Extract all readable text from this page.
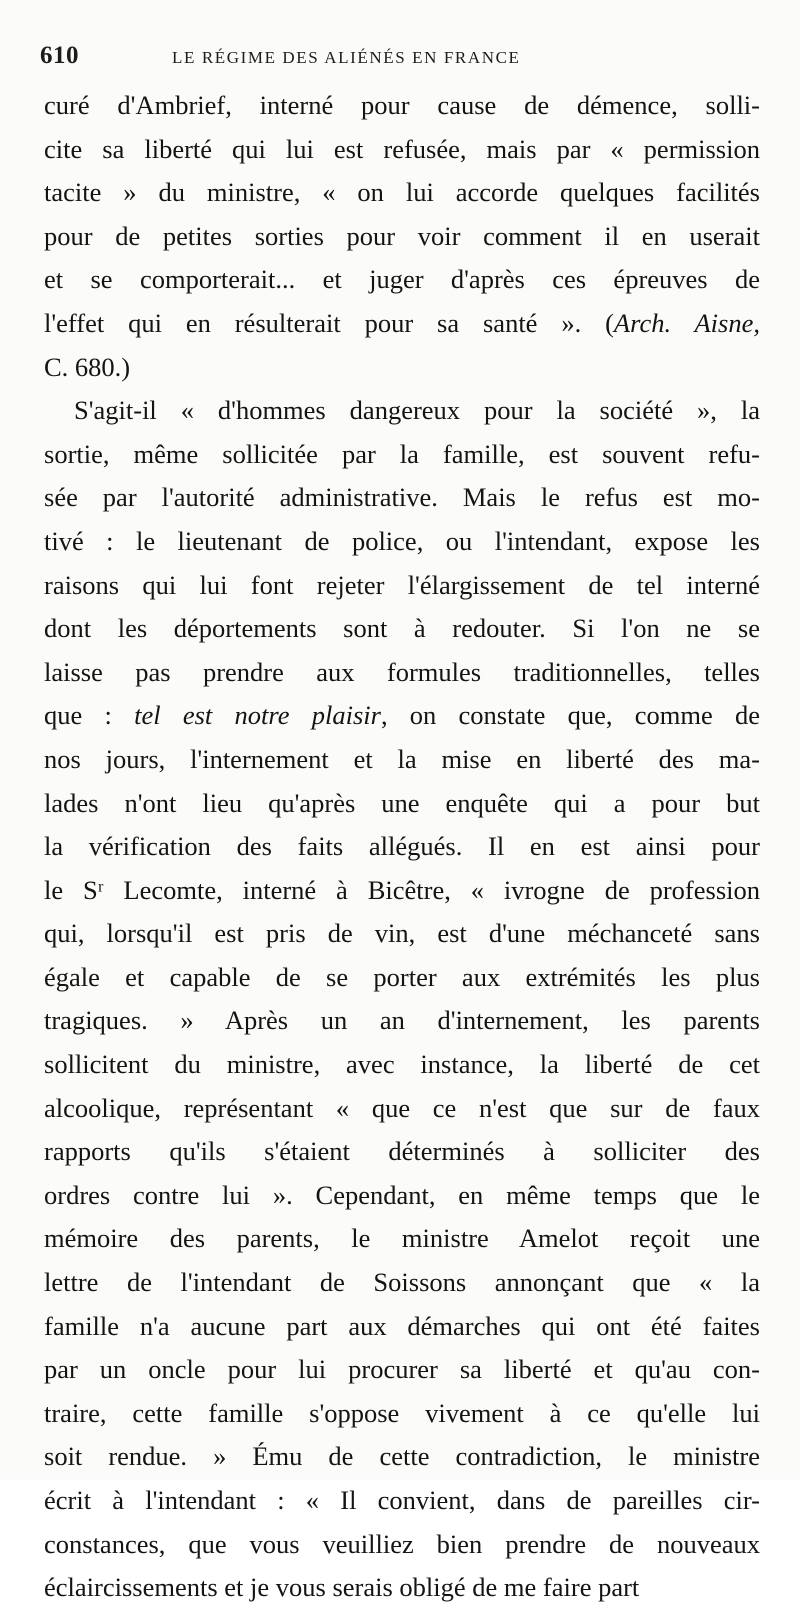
610	LE RÉGIME DES ALIÉNÉS EN FRANCE
curé d'Ambrief, interné pour cause de démence, solli-
cite sa liberté qui lui est refusée, mais par « permission
tacite » du ministre, « on lui accorde quelques facilités
pour de petites sorties pour voir comment il en userait
et se comporterait... et juger d'après ces épreuves de
l'effet qui en résulterait pour sa santé ». (Arch. Aisne,
C. 680.)
S'agit-il « d'hommes dangereux pour la société », la
sortie, même sollicitée par la famille, est souvent refu-
sée par l'autorité administrative. Mais le refus est mo-
tivé : le lieutenant de police, ou l'intendant, expose les
raisons qui lui font rejeter l'élargissement de tel interné
dont les déportements sont à redouter. Si l'on ne se
laisse pas prendre aux formules traditionnelles, telles
que : tel est notre plaisir, on constate que, comme de
nos jours, l'internement et la mise en liberté des ma-
lades n'ont lieu qu'après une enquête qui a pour but
la vérification des faits allégués. Il en est ainsi pour
le Sʳ Lecomte, interné à Bicêtre, « ivrogne de profession
qui, lorsqu'il est pris de vin, est d'une méchanceté sans
égale et capable de se porter aux extrémités les plus
tragiques. » Après un an d'internement, les parents
sollicitent du ministre, avec instance, la liberté de cet
alcoolique, représentant « que ce n'est que sur de faux
rapports qu'ils s'étaient déterminés à solliciter des
ordres contre lui ». Cependant, en même temps que le
mémoire des parents, le ministre Amelot reçoit une
lettre de l'intendant de Soissons annonçant que « la
famille n'a aucune part aux démarches qui ont été faites
par un oncle pour lui procurer sa liberté et qu'au con-
traire, cette famille s'oppose vivement à ce qu'elle lui
soit rendue. » Ému de cette contradiction, le ministre
écrit à l'intendant : « Il convient, dans de pareilles cir-
constances, que vous veuilliez bien prendre de nouveaux
éclaircissements et je vous serais obligé de me faire part
